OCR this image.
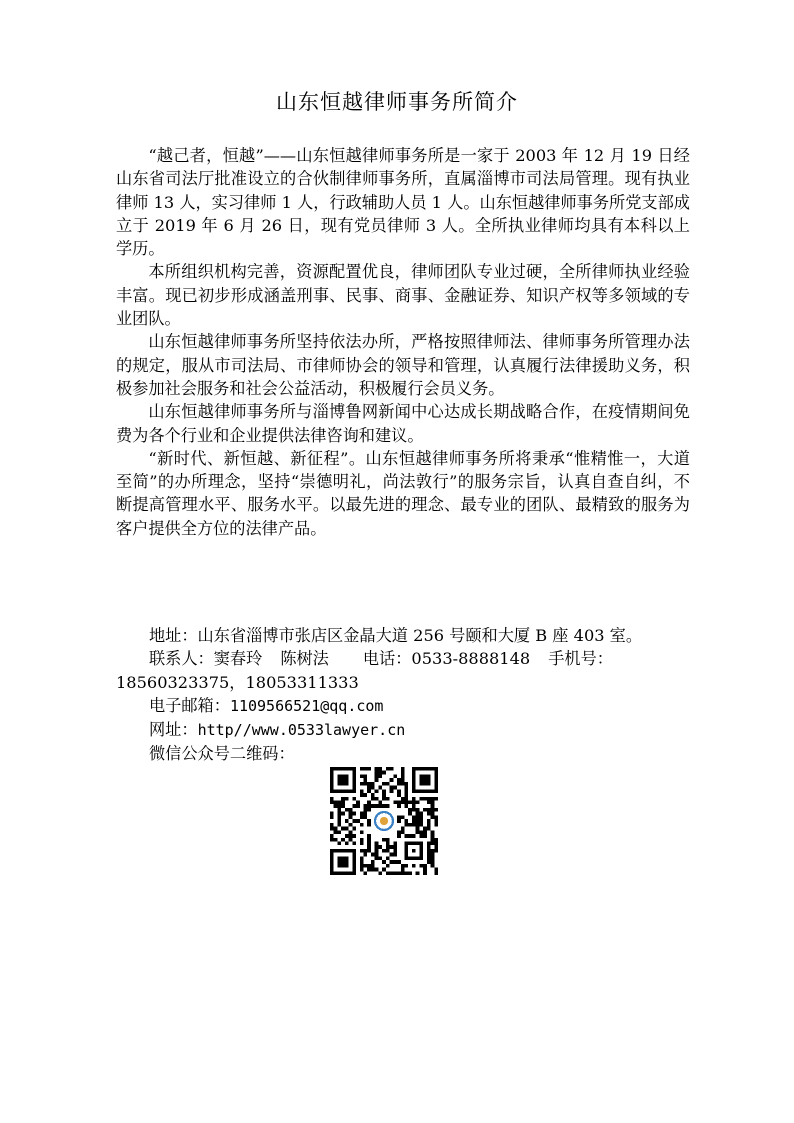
山东恒越律师事务所简介

“越己者，恒越”——山东恒越律师事务所是一家于 2003 年 12 月 19 日经山东省司法厅批准设立的合伙制律师事务所，直属淄博市司法局管理。现有执业律师 13 人，实习律师 1 人，行政辅助人员 1 人。山东恒越律师事务所党支部成立于 2019 年 6 月 26 日，现有党员律师 3 人。全所执业律师均具有本科以上学历。

本所组织机构完善，资源配置优良，律师团队专业过硬，全所律师执业经验丰富。现已初步形成涵盖刑事、民事、商事、金融证券、知识产权等多领域的专业团队。

山东恒越律师事务所坚持依法办所，严格按照律师法、律师事务所管理办法的规定，服从市司法局、市律师协会的领导和管理，认真履行法律援助义务，积极参加社会服务和社会公益活动，积极履行会员义务。

山东恒越律师事务所与淄博鲁网新闻中心达成长期战略合作，在疫情期间免费为各个行业和企业提供法律咨询和建议。

“新时代、新恒越、新征程”。山东恒越律师事务所将秉承“惟精惟一，大道至简”的办所理念，坚持“崇德明礼，尚法敦行”的服务宗旨，认真自查自纠，不断提高管理水平、服务水平。以最先进的理念、最专业的团队、最精致的服务为客户提供全方位的法律产品。

地址：山东省淄博市张店区金晶大道 256 号颐和大厦 B 座 403 室。
联系人：窦春玲 陈树法 电话：0533-8888148 手机号：
18560323375，18053311333
电子邮箱：1109566521@qq.com
网址：http//www.0533lawyer.cn
微信公众号二维码：
